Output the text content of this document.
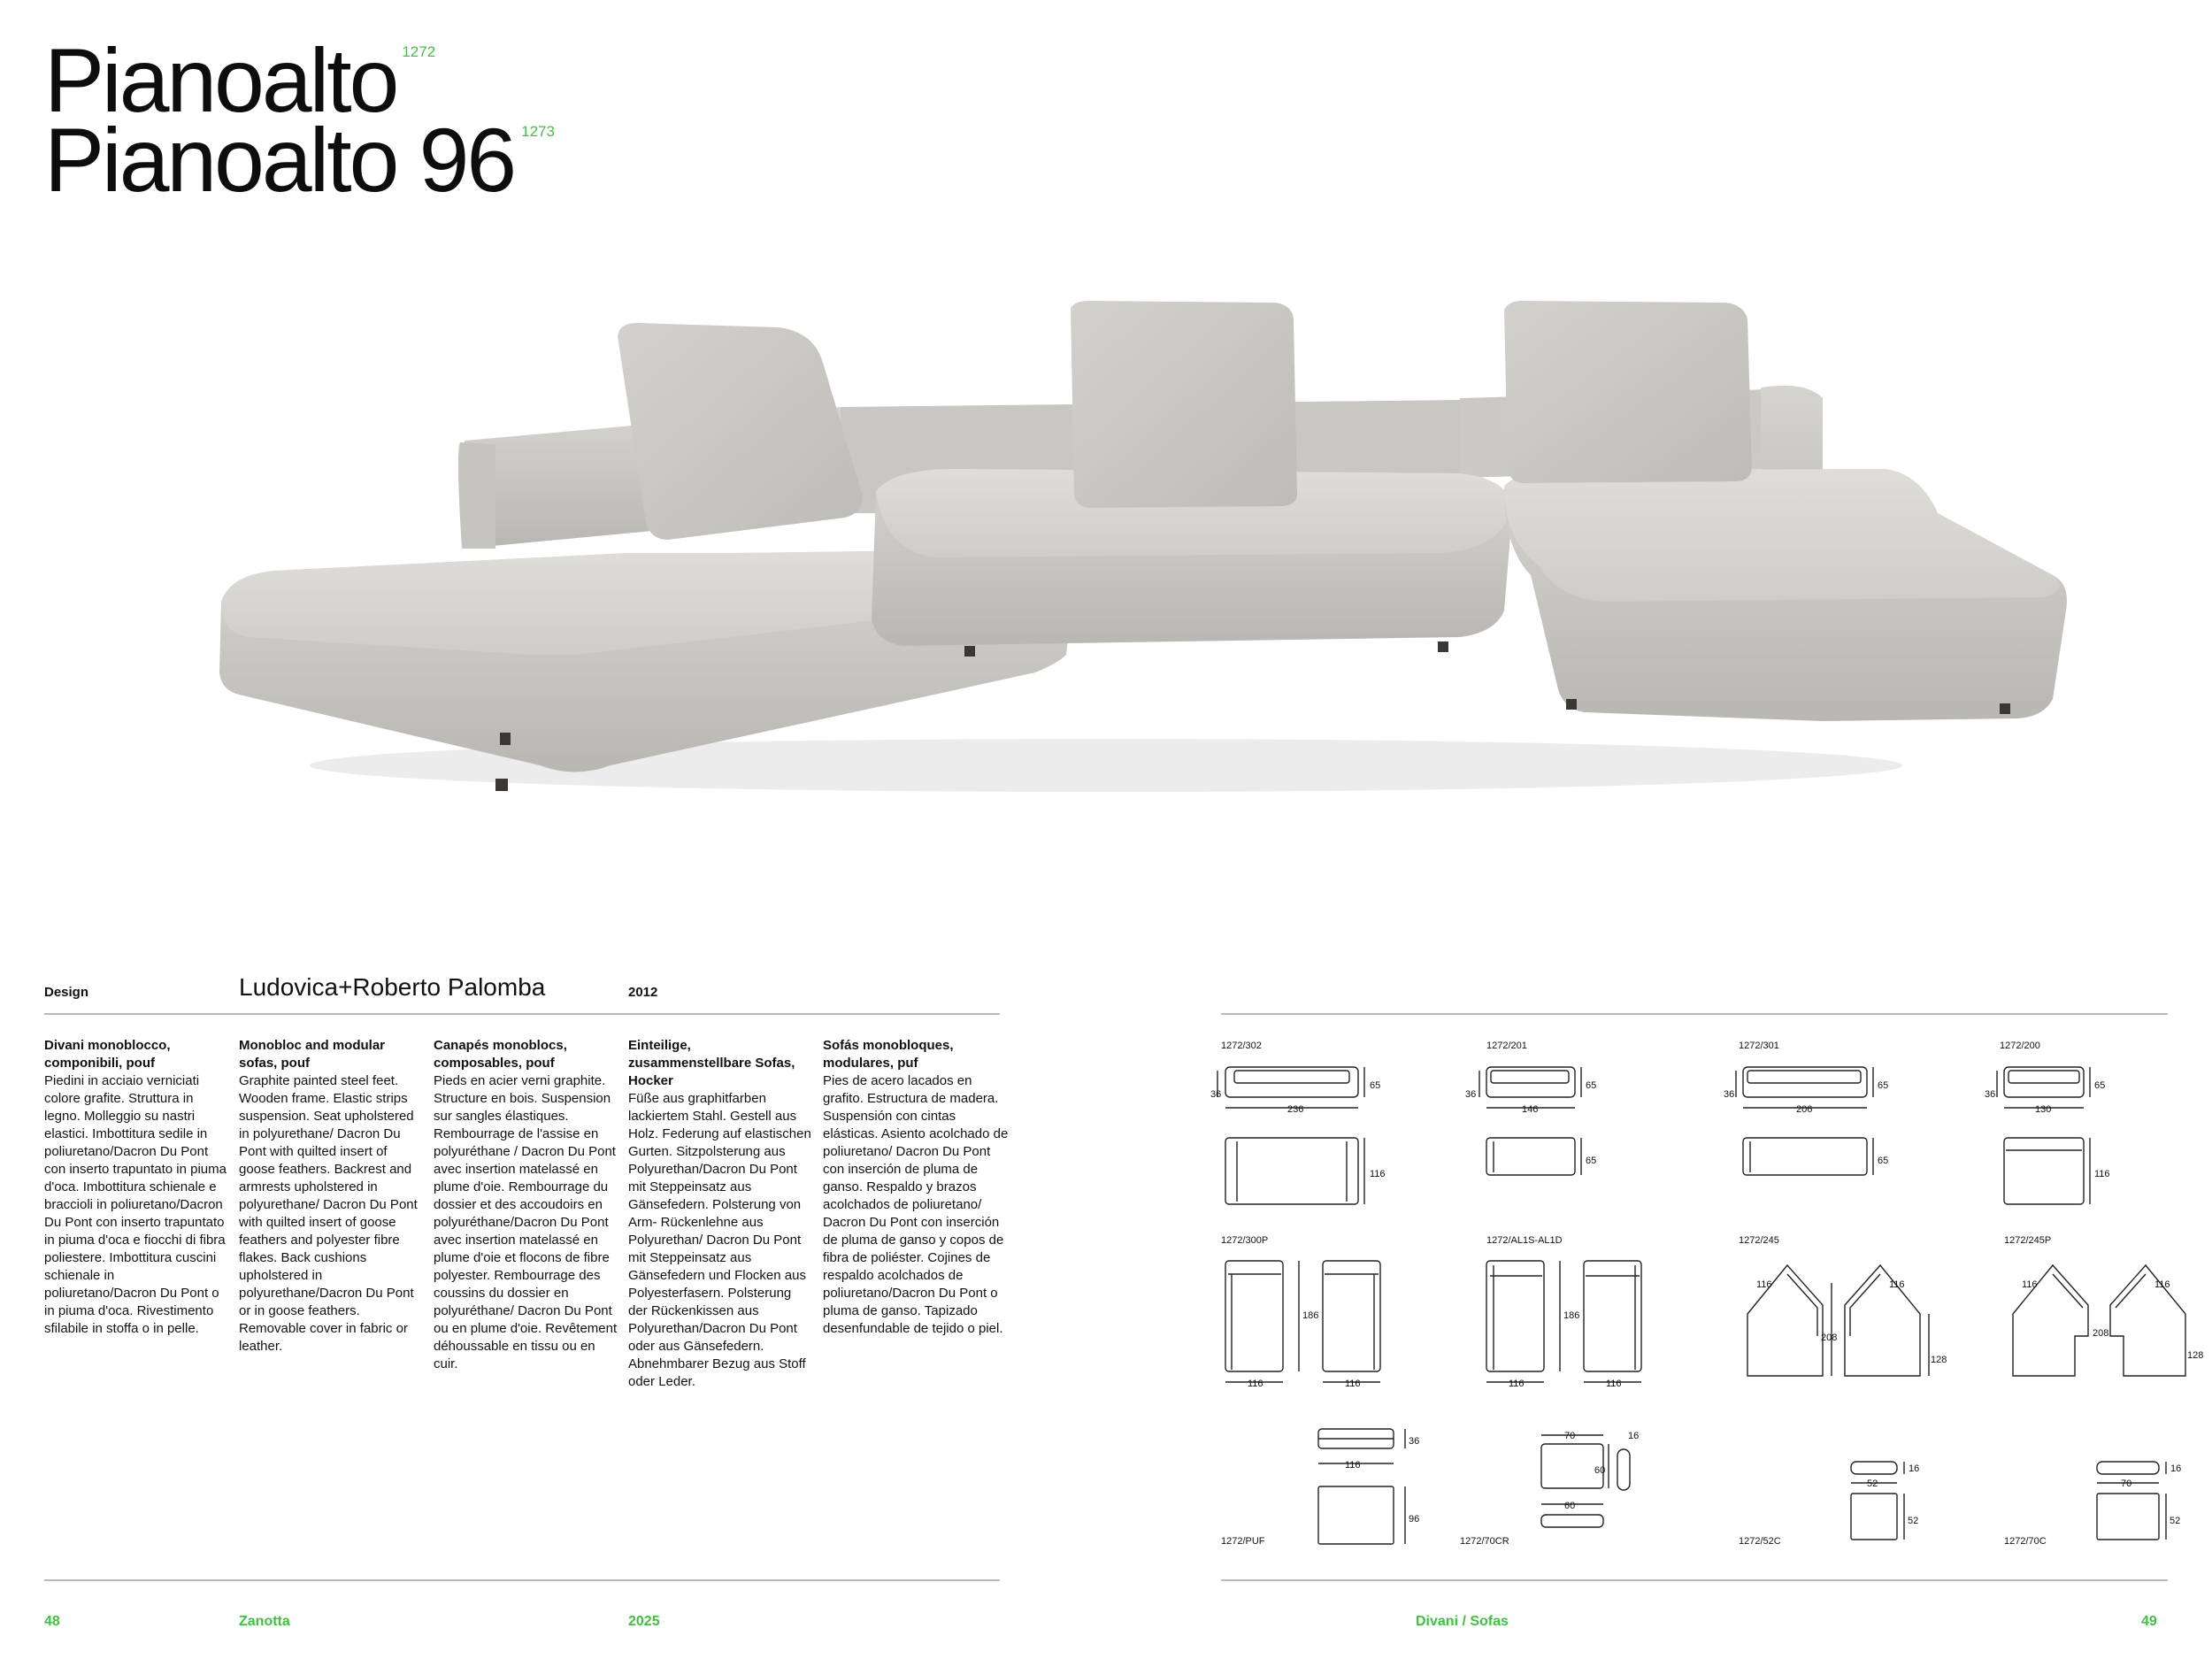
Pianoalto $^{1272}$
Pianoalto 96 $^{1273}$
Design	Ludovica+Roberto Palomba	2012
Divani monoblocco, componibili, pouf
Piedini in acciaio verniciati colore grafite. Struttura in legno. Molleggio su nastri elastici. Imbottitura sedile in poliuretano/Dacron Du Pont con inserto trapuntato in piuma d'oca. Imbottitura schienale e braccioli in poliuretano/Dacron Du Pont con inserto trapuntato in piuma d'oca e fiocchi di fibra poliestere. Imbottitura cuscini schienale in poliuretano/Dacron Du Pont o in piuma d'oca. Rivestimento sfilabile in stoffa o in pelle.
Monobloc and modular sofas, pouf
Graphite painted steel feet. Wooden frame. Elastic strips suspension. Seat upholstered in polyurethane/ Dacron Du Pont with quilted insert of goose feathers. Backrest and armrests upholstered in polyurethane/ Dacron Du Pont with quilted insert of goose feathers and polyester fibre flakes. Back cushions upholstered in polyurethane/Dacron Du Pont or in goose feathers. Removable cover in fabric or leather.
Canapés monoblocs, composables, pouf
Pieds en acier verni graphite. Structure en bois. Suspension sur sangles élastiques. Rembourrage de l'assise en polyuréthane / Dacron Du Pont avec insertion matelassé en plume d'oie. Rembourrage du dossier et des accoudoirs en polyuréthane/Dacron Du Pont avec insertion matelassé en plume d'oie et flocons de fibre polyester. Rembourrage des coussins du dossier en polyuréthane/ Dacron Du Pont ou en plume d'oie. Revêtement déhoussable en tissu ou en cuir.
Einteilige, zusammenstellbare Sofas, Hocker
Füße aus graphitfarben lackiertem Stahl. Gestell aus Holz. Federung auf elastischen Gurten. Sitzpolsterung aus Polyurethan/Dacron Du Pont mit Steppeinsatz aus Gänsefedern. Polsterung von Arm- Rückenlehne aus Polyurethan/ Dacron Du Pont mit Steppeinsatz aus Gänsefedern und Flocken aus Polyesterfasern. Polsterung der Rückenkissen aus Polyurethan/Dacron Du Pont oder aus Gänsefedern. Abnehmbarer Bezug aus Stoff oder Leder.
Sofás monobloques, modulares, puf
Pies de acero lacados en grafito. Estructura de madera. Suspensión con cintas elásticas. Asiento acolchado de poliuretano/ Dacron Du Pont con inserción de pluma de ganso. Respaldo y brazos acolchados de poliuretano/ Dacron Du Pont con inserción de pluma de ganso y copos de fibra de poliéster. Cojines de respaldo acolchados de poliuretano/Dacron Du Pont o pluma de ganso. Tapizado desenfundable de tejido o piel.
1272/302
36
65
236
116
1272/201
36
65
146
65
1272/301
36
65
206
65
1272/200
36
65
130
116
1272/300P
186
116	116
1272/AL1S-AL1D
186
116	116
1272/245
116	116
208
128
1272/245P
116	116
208
128
36
116
96
1272/PUF
70
60
16
60
1272/70CR
16
52
52
1272/52C
16
70
52
1272/70C
48	Zanotta	2025	Divani / Sofas	49
